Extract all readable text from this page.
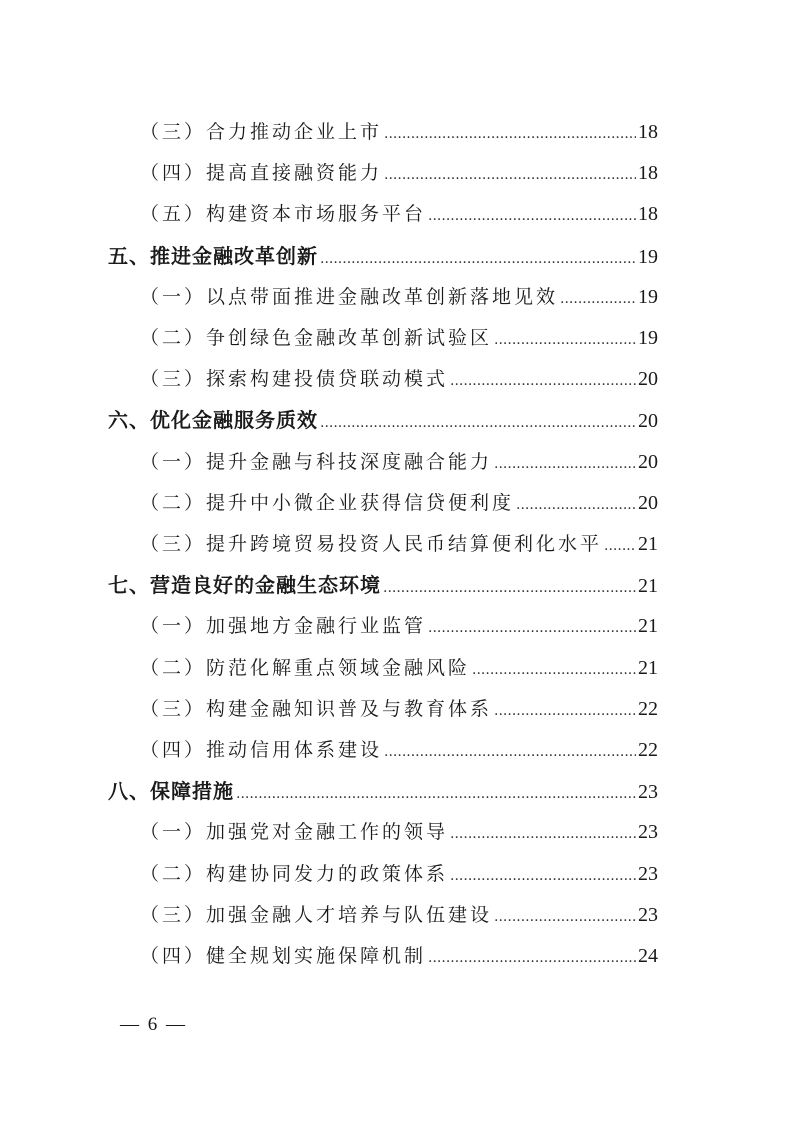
（三）合力推动企业上市 .....	18
（四）提高直接融资能力 .....	18
（五）构建资本市场服务平台 .....	18
五、推进金融改革创新 .....	19
（一）以点带面推进金融改革创新落地见效 .....	19
（二）争创绿色金融改革创新试验区 .....	19
（三）探索构建投债贷联动模式 .....	20
六、优化金融服务质效 .....	20
（一）提升金融与科技深度融合能力 .....	20
（二）提升中小微企业获得信贷便利度 .....	20
（三）提升跨境贸易投资人民币结算便利化水平 ..... 21
七、营造良好的金融生态环境 .....	21
（一）加强地方金融行业监管 .....	21
（二）防范化解重点领域金融风险 .....	21
（三）构建金融知识普及与教育体系 .....	22
（四）推动信用体系建设 .....	22
八、保障措施 .....	23
（一）加强党对金融工作的领导 .....	23
（二）构建协同发力的政策体系 .....	23
（三）加强金融人才培养与队伍建设 .....	23
（四）健全规划实施保障机制 .....	24
— 6 —
